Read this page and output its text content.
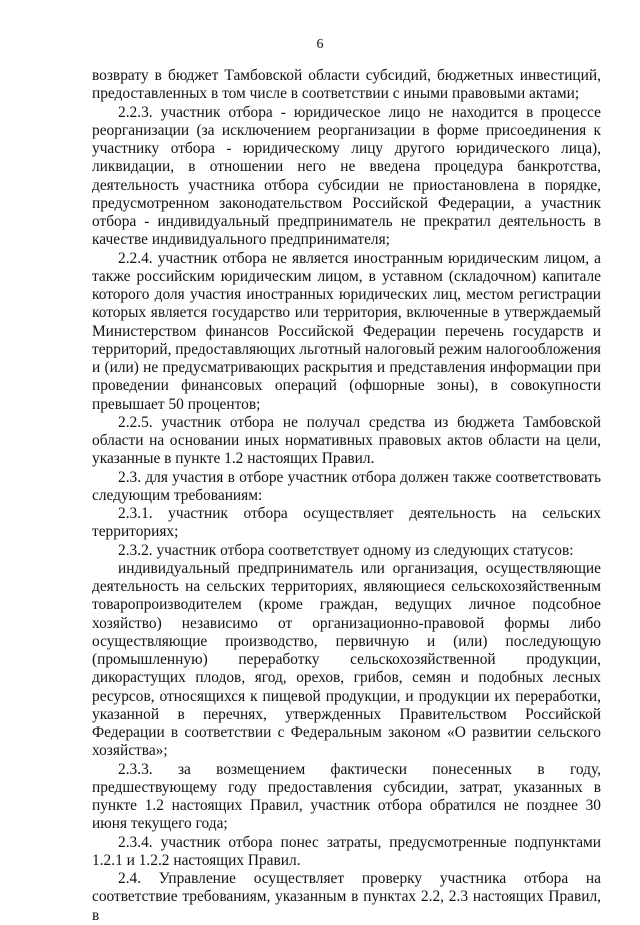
6

возврату в бюджет Тамбовской области субсидий, бюджетных инвестиций, предоставленных в том числе в соответствии с иными правовыми актами;

2.2.3. участник отбора - юридическое лицо не находится в процессе реорганизации (за исключением реорганизации в форме присоединения к участнику отбора - юридическому лицу другого юридического лица), ликвидации, в отношении него не введена процедура банкротства, деятельность участника отбора субсидии не приостановлена в порядке, предусмотренном законодательством Российской Федерации, а участник отбора - индивидуальный предприниматель не прекратил деятельность в качестве индивидуального предпринимателя;

2.2.4. участник отбора не является иностранным юридическим лицом, а также российским юридическим лицом, в уставном (складочном) капитале которого доля участия иностранных юридических лиц, местом регистрации которых является государство или территория, включенные в утверждаемый Министерством финансов Российской Федерации перечень государств и территорий, предоставляющих льготный налоговый режим налогообложения и (или) не предусматривающих раскрытия и представления информации при проведении финансовых операций (офшорные зоны), в совокупности превышает 50 процентов;

2.2.5. участник отбора не получал средства из бюджета Тамбовской области на основании иных нормативных правовых актов области на цели, указанные в пункте 1.2 настоящих Правил.

2.3. для участия в отборе участник отбора должен также соответствовать следующим требованиям:

2.3.1. участник отбора осуществляет деятельность на сельских территориях;

2.3.2. участник отбора соответствует одному из следующих статусов:

индивидуальный предприниматель или организация, осуществляющие деятельность на сельских территориях, являющиеся сельскохозяйственным товаропроизводителем (кроме граждан, ведущих личное подсобное хозяйство) независимо от организационно-правовой формы либо осуществляющие производство, первичную и (или) последующую (промышленную) переработку сельскохозяйственной продукции, дикорастущих плодов, ягод, орехов, грибов, семян и подобных лесных ресурсов, относящихся к пищевой продукции, и продукции их переработки, указанной в перечнях, утвержденных Правительством Российской Федерации в соответствии с Федеральным законом «О развитии сельского хозяйства»;

2.3.3. за возмещением фактически понесенных в году, предшествующему году предоставления субсидии, затрат, указанных в пункте 1.2 настоящих Правил, участник отбора обратился не позднее 30 июня текущего года;

2.3.4. участник отбора понес затраты, предусмотренные подпунктами 1.2.1 и 1.2.2 настоящих Правил.

2.4. Управление осуществляет проверку участника отбора на соответствие требованиям, указанным в пунктах 2.2, 2.3 настоящих Правил, в
